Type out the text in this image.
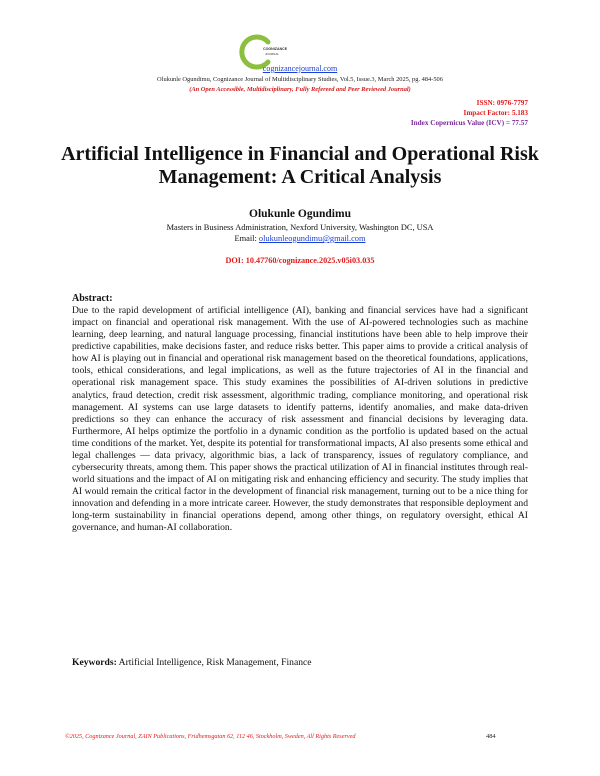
COGNIZANCE
JOURNAL
cognizancejournal.com
Olukunle Ogundimu, Cognizance Journal of Multidisciplinary Studies, Vol.5, Issue.3, March 2025, pg. 484-506
(An Open Accessible, Multidisciplinary, Fully Refereed and Peer Reviewed Journal)
ISSN: 0976-7797
Impact Factor: 5.183
Index Copernicus Value (ICV) = 77.57
Artificial Intelligence in Financial and Operational Risk Management: A Critical Analysis
Olukunle Ogundimu
Masters in Business Administration, Nexford University, Washington DC, USA
Email: olukunleogundimu@gmail.com
DOI: 10.47760/cognizance.2025.v05i03.035
Abstract:
Due to the rapid development of artificial intelligence (AI), banking and financial services have had a significant impact on financial and operational risk management. With the use of AI-powered technologies such as machine learning, deep learning, and natural language processing, financial institutions have been able to help improve their predictive capabilities, make decisions faster, and reduce risks better. This paper aims to provide a critical analysis of how AI is playing out in financial and operational risk management based on the theoretical foundations, applications, tools, ethical considerations, and legal implications, as well as the future trajectories of AI in the financial and operational risk management space. This study examines the possibilities of AI-driven solutions in predictive analytics, fraud detection, credit risk assessment, algorithmic trading, compliance monitoring, and operational risk management. AI systems can use large datasets to identify patterns, identify anomalies, and make data-driven predictions so they can enhance the accuracy of risk assessment and financial decisions by leveraging data. Furthermore, AI helps optimize the portfolio in a dynamic condition as the portfolio is updated based on the actual time conditions of the market. Yet, despite its potential for transformational impacts, AI also presents some ethical and legal challenges — data privacy, algorithmic bias, a lack of transparency, issues of regulatory compliance, and cybersecurity threats, among them. This paper shows the practical utilization of AI in financial institutes through real-world situations and the impact of AI on mitigating risk and enhancing efficiency and security. The study implies that AI would remain the critical factor in the development of financial risk management, turning out to be a nice thing for innovation and defending in a more intricate career. However, the study demonstrates that responsible deployment and long-term sustainability in financial operations depend, among other things, on regulatory oversight, ethical AI governance, and human-AI collaboration.
Keywords: Artificial Intelligence, Risk Management, Finance
©2025, Cognizance Journal, ZAIN Publications, Fridhemsgatan 62, 112 46, Stockholm, Sweden, All Rights Reserved	484
